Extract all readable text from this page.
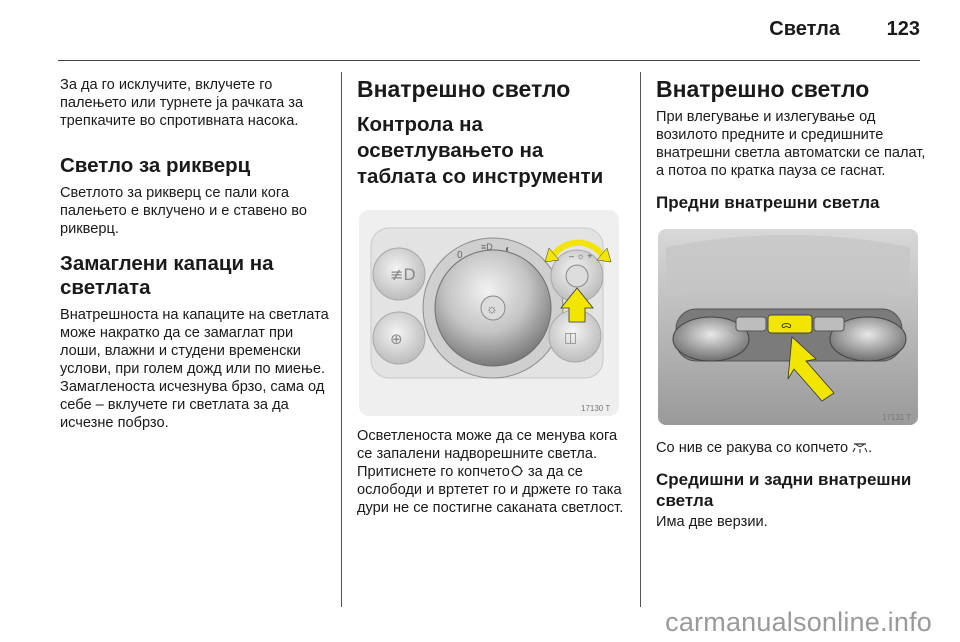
Светла 123

За да го исклучите, вклучете го палењето или турнете ја рачката за трепкачите во спротивната насока.

Светло за рикверц

Светлото за рикверц се пали кога палењето е вклучено и е ставено во рикверц.

Замаглени капаци на светлата

Внатрешноста на капаците на светлата може накратко да се замаглат при лоши, влажни и студени временски услови, при голем дожд или по миење. Замагленоста исчезнува брзо, сама од себе – вклучете ги светлата за да исчезне побрзо.

Внатрешно светло
Контрола на осветлувањето на таблата со инструменти
≢D
⊕
0
≡D ◐
☼
– ☼ +
◫
17130 T

Осветленоста може да се менува кога се запалени надворешните светла. Притиснете го копчето за да се ослободи и вртетет го и држете го така дури не се постигне саканата светлост.

Внатрешно светло

При влегување и излегување од возилото предните и средишните внатрешни светла автоматски се палат, а потоа по кратка пауза се гаснат.

Предни внатрешни светла
ᯅ
17131 T

Со нив се ракува со копчето .

Средишни и задни внатрешни светла

Има две верзии.

carmanualsonline.info
